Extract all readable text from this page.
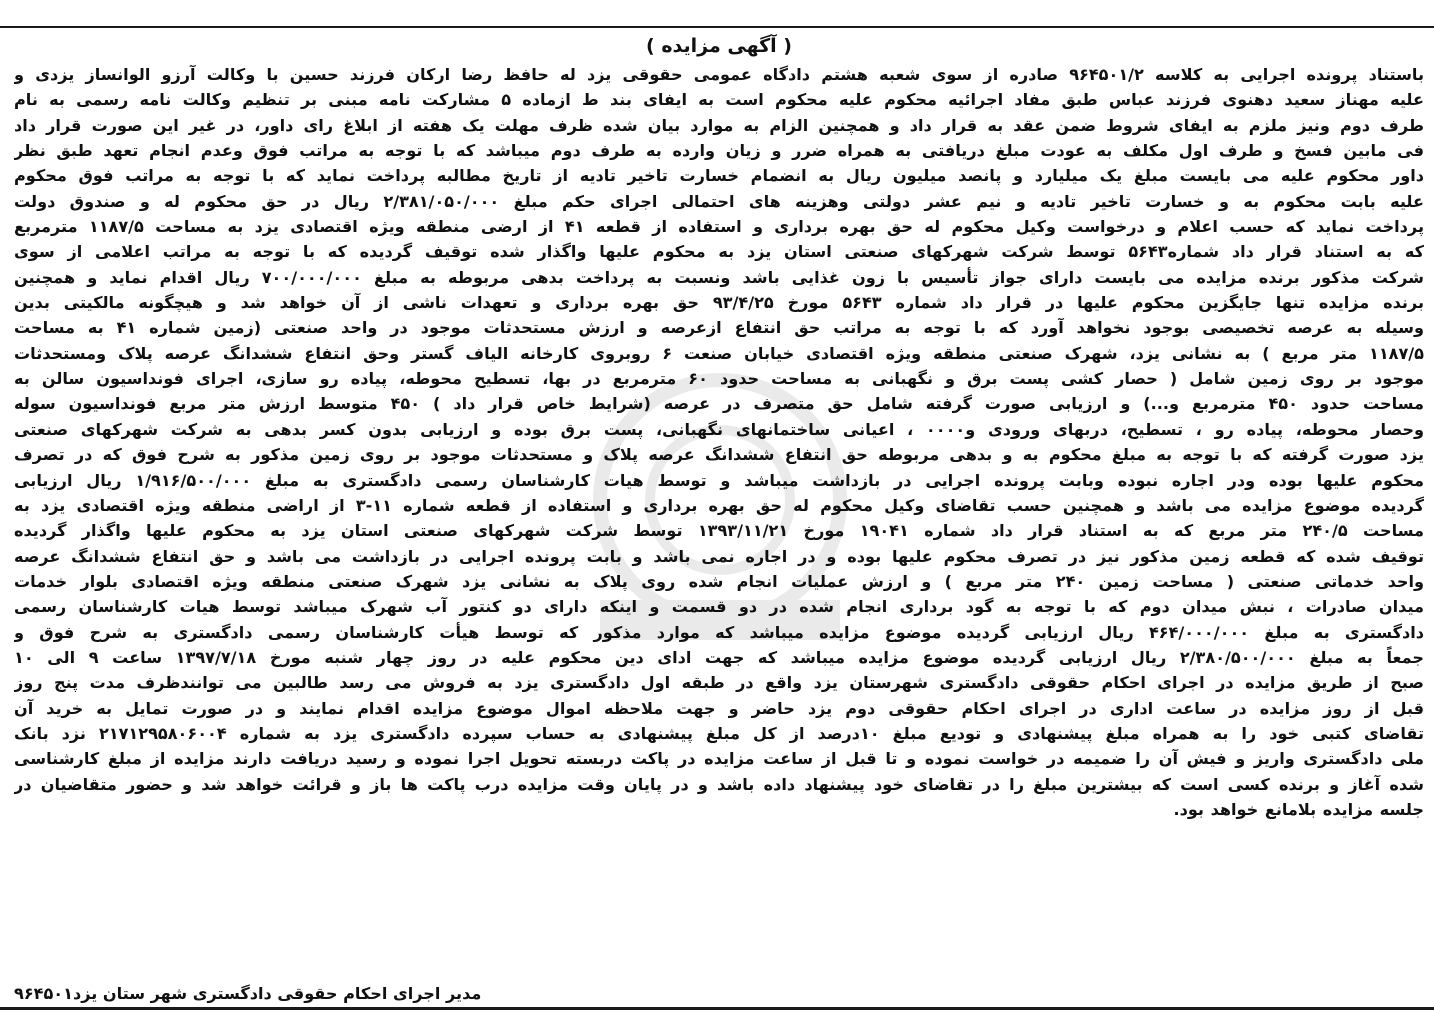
( آگهی مزایده )
باستناد پرونده اجرایی به کلاسه ۹۶۴۵۰۱/۲ صادره از سوی شعبه هشتم دادگاه عمومی حقوقی یزد له حافظ رضا ارکان فرزند حسین با وکالت آرزو الوانساز یزدی و
علیه مهناز سعید دهنوی فرزند عباس طبق مفاد اجرائیه محکوم علیه محکوم است به ایفای بند ط ازماده ۵ مشارکت نامه مبنی بر تنظیم وکالت نامه رسمی به نام
طرف دوم ونیز ملزم به ایفای شروط ضمن عقد به قرار داد و همچنین الزام به موارد بیان شده ظرف مهلت یک هفته از ابلاغ رای داور، در غیر این صورت قرار داد
فی مابین فسخ و طرف اول مکلف به عودت مبلغ دریافتی به همراه ضرر و زیان وارده به طرف دوم میباشد که با توجه به مراتب فوق وعدم انجام تعهد طبق نظر
داور محکوم علیه می بایست مبلغ یک میلیارد و پانصد میلیون ریال به انضمام خسارت تاخیر تادیه از تاریخ مطالبه پرداخت نماید که با توجه به مراتب فوق محکوم
علیه بابت محکوم به و خسارت تاخیر تادیه و نیم عشر دولتی وهزینه های احتمالی اجرای حکم مبلغ ۲/۳۸۱/۰۵۰/۰۰۰ ریال در حق محکوم له و صندوق دولت
پرداخت نماید که حسب اعلام و درخواست وکیل محکوم له حق بهره برداری و استفاده از قطعه ۴۱ از ارضی منطقه ویژه اقتصادی یزد به مساحت ۱۱۸۷/۵ مترمربع
که به استناد قرار داد شماره۵۶۴۳ توسط شرکت شهرکهای صنعتی استان یزد به محکوم علیها واگذار شده توقیف گردیده که با توجه به مراتب اعلامی از سوی
شرکت مذکور برنده مزایده می بایست دارای جواز تأسیس با زون غذایی باشد ونسبت به پرداخت بدهی مربوطه به مبلغ ۷۰۰/۰۰۰/۰۰۰ ریال اقدام نماید و همچنین
برنده مزایده تنها جایگزین محکوم علیها در قرار داد شماره ۵۶۴۳ مورخ ۹۳/۴/۲۵ حق بهره برداری و تعهدات ناشی از آن خواهد شد و هیچگونه مالکیتی بدین
وسیله به عرصه تخصیصی بوجود نخواهد آورد که با توجه به مراتب حق انتفاع ازعرصه و ارزش مستحدثات موجود در واحد صنعتی (زمین شماره ۴۱ به مساحت
۱۱۸۷/۵ متر مربع ) به نشانی یزد، شهرک صنعتی منطقه ویژه اقتصادی خیابان صنعت ۶ روبروی کارخانه الیاف گستر وحق انتفاع ششدانگ عرصه پلاک ومستحدثات
موجود بر روی زمین شامل ( حصار کشی پست برق و نگهبانی به مساحت حدود ۶۰ مترمربع در بها، تسطیح محوطه، پیاده رو سازی، اجرای فونداسیون سالن به
مساحت حدود ۴۵۰ مترمربع و...) و ارزیابی صورت گرفته شامل حق متصرف در عرصه (شرایط خاص قرار داد ) ۴۵۰ متوسط ارزش متر مربع فونداسیون سوله
وحصار محوطه، پیاده رو ، تسطیح، دربهای ورودی و۰۰۰۰ ، اعیانی ساختمانهای نگهبانی، پست برق بوده و ارزیابی بدون کسر بدهی به شرکت شهرکهای صنعتی
یزد صورت گرفته که با توجه به مبلغ محکوم به و بدهی مربوطه حق انتفاع ششدانگ عرصه پلاک و مستحدثات موجود بر روی زمین مذکور به شرح فوق که در تصرف
محکوم علیها بوده ودر اجاره نبوده وبابت پرونده اجرایی در بازداشت میباشد و توسط هیات کارشناسان رسمی دادگستری به مبلغ ۱/۹۱۶/۵۰۰/۰۰۰ ریال ارزیابی
گردیده موضوع مزایده می باشد و همچنین حسب تقاضای وکیل محکوم له حق بهره برداری و استفاده از قطعه شماره ۱۱-۳ از اراضی منطقه ویژه اقتصادی یزد به
مساحت ۲۴۰/۵ متر مربع که به استناد قرار داد شماره ۱۹۰۴۱ مورخ ۱۳۹۳/۱۱/۲۱ توسط شرکت شهرکهای صنعتی استان یزد به محکوم علیها واگذار گردیده
توقیف شده که قطعه زمین مذکور نیز در تصرف محکوم علیها بوده و در اجاره نمی باشد و بابت پرونده اجرایی در بازداشت می باشد و حق انتفاع ششدانگ عرصه
واحد خدماتی صنعتی ( مساحت زمین ۲۴۰ متر مربع ) و ارزش عملیات انجام شده روی پلاک به نشانی یزد شهرک صنعتی منطقه ویژه اقتصادی بلوار خدمات
میدان صادرات ، نبش میدان دوم که با توجه به گود برداری انجام شده در دو قسمت و اینکه دارای دو کنتور آب شهرک میباشد توسط هیات کارشناسان رسمی
دادگستری به مبلغ ۴۶۴/۰۰۰/۰۰۰ ریال ارزیابی گردیده موضوع مزایده میباشد که موارد مذکور که توسط هیأت کارشناسان رسمی دادگستری به شرح فوق و
جمعاً به مبلغ ۲/۳۸۰/۵۰۰/۰۰۰ ریال ارزیابی گردیده موضوع مزایده میباشد که جهت ادای دین محکوم علیه در روز چهار شنبه مورخ ۱۳۹۷/۷/۱۸ ساعت ۹ الی ۱۰
صبح از طریق مزایده در اجرای احکام حقوقی دادگستری شهرستان یزد واقع در طبقه اول دادگستری یزد به فروش می رسد طالبین می توانندظرف مدت پنج روز
قبل از روز مزایده در ساعت اداری در اجرای احکام حقوقی دوم یزد حاضر و جهت ملاحظه اموال موضوع مزایده اقدام نمایند و در صورت تمایل به خرید آن
تقاضای کتبی خود را به همراه مبلغ پیشنهادی و تودیع مبلغ ۱۰درصد از کل مبلغ پیشنهادی به حساب سپرده دادگستری یزد به شماره ۲۱۷۱۲۹۵۸۰۶۰۰۴ نزد بانک
ملی دادگستری واریز و فیش آن را ضمیمه در خواست نموده و تا قبل از ساعت مزایده در پاکت دربسته تحویل اجرا نموده و رسید دریافت دارند مزایده از مبلغ کارشناسی
شده آغاز و برنده کسی است که بیشترین مبلغ را در تقاضای خود پیشنهاد داده باشد و در پایان وقت مزایده درب پاکت ها باز و قرائت خواهد شد و حضور متقاضیان در
جلسه مزایده بلامانع خواهد بود.
مدیر اجرای احکام حقوقی دادگستری شهر ستان یزد۹۶۴۵۰۱
